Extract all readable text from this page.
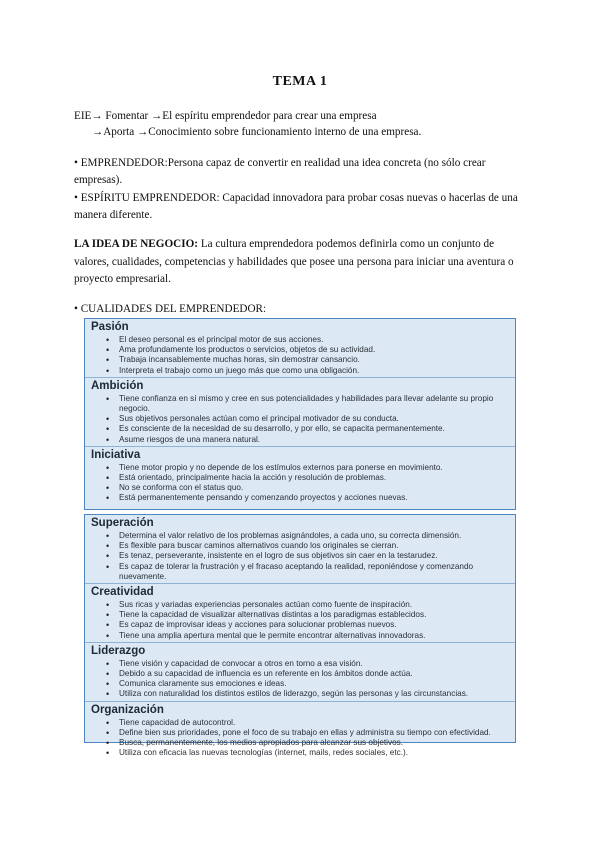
TEMA 1
EIE→ Fomentar →El espíritu emprendedor para crear una empresa
→Aporta →Conocimiento sobre funcionamiento interno de una empresa.
• EMPRENDEDOR:Persona capaz de convertir en realidad una idea concreta (no sólo crear empresas).
• ESPÍRITU EMPRENDEDOR: Capacidad innovadora para probar cosas nuevas o hacerlas de una manera diferente.
LA IDEA DE NEGOCIO: La cultura emprendedora podemos definirla como un conjunto de valores, cualidades, competencias y habilidades que posee una persona para iniciar una aventura o proyecto empresarial.
• CUALIDADES DEL EMPRENDEDOR:
Pasión
• El deseo personal es el principal motor de sus acciones.
• Ama profundamente los productos o servicios, objetos de su actividad.
• Trabaja incansablemente muchas horas, sin demostrar cansancio.
• Interpreta el trabajo como un juego más que como una obligación.
Ambición
• Tiene confianza en sí mismo y cree en sus potencialidades y habilidades para llevar adelante su propio negocio.
• Sus objetivos personales actúan como el principal motivador de su conducta.
• Es consciente de la necesidad de su desarrollo, y por ello, se capacita permanentemente.
• Asume riesgos de una manera natural.
Iniciativa
• Tiene motor propio y no depende de los estímulos externos para ponerse en movimiento.
• Está orientado, principalmente hacia la acción y resolución de problemas.
• No se conforma con el status quo.
• Está permanentemente pensando y comenzando proyectos y acciones nuevas.
Superación
• Determina el valor relativo de los problemas asignándoles, a cada uno, su correcta dimensión.
• Es flexible para buscar caminos alternativos cuando los originales se cierran.
• Es tenaz, perseverante, insistente en el logro de sus objetivos sin caer en la testarudez.
• Es capaz de tolerar la frustración y el fracaso aceptando la realidad, reponiéndose y comenzando nuevamente.
Creatividad
• Sus ricas y variadas experiencias personales actúan como fuente de inspiración.
• Tiene la capacidad de visualizar alternativas distintas a los paradigmas establecidos.
• Es capaz de improvisar ideas y acciones para solucionar problemas nuevos.
• Tiene una amplia apertura mental que le permite encontrar alternativas innovadoras.
Liderazgo
• Tiene visión y capacidad de convocar a otros en torno a esa visión.
• Debido a su capacidad de influencia es un referente en los ámbitos donde actúa.
• Comunica claramente sus emociones e ideas.
• Utiliza con naturalidad los distintos estilos de liderazgo, según las personas y las circunstancias.
Organización
• Tiene capacidad de autocontrol.
• Define bien sus prioridades, pone el foco de su trabajo en ellas y administra su tiempo con efectividad.
• Busca, permanentemente, los medios apropiados para alcanzar sus objetivos.
• Utiliza con eficacia las nuevas tecnologías (internet, mails, redes sociales, etc.).
